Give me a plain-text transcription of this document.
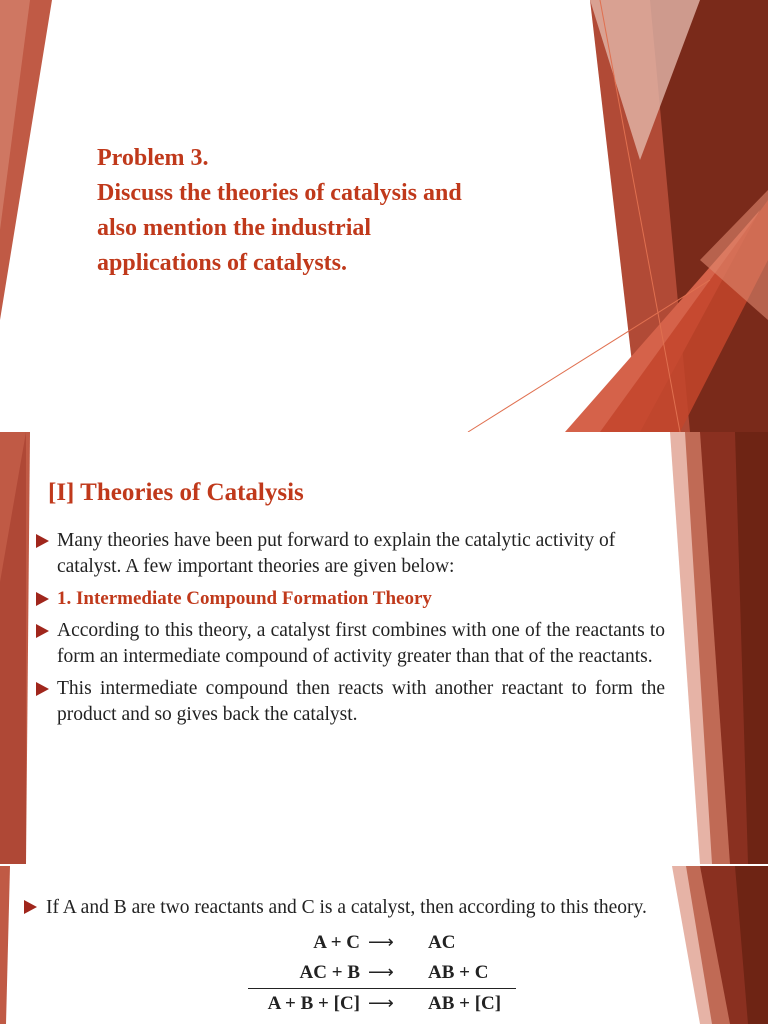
Problem 3.
Discuss the theories of catalysis and
also mention the industrial
applications of catalysts.
[I] Theories of Catalysis
Many theories have been put forward to explain the catalytic activity of catalyst. A few important theories are given below:
1. Intermediate Compound Formation Theory
According to this theory, a catalyst first combines with one of the reactants to form an intermediate compound of activity greater than that of the reactants.
This intermediate compound then reacts with another reactant to form the product and so gives back the catalyst.
If A and B are two reactants and C is a catalyst, then according to this theory.
A + C ⟶ AC
AC + B ⟶ AB + C
A + B + [C] ⟶ AB + [C]
